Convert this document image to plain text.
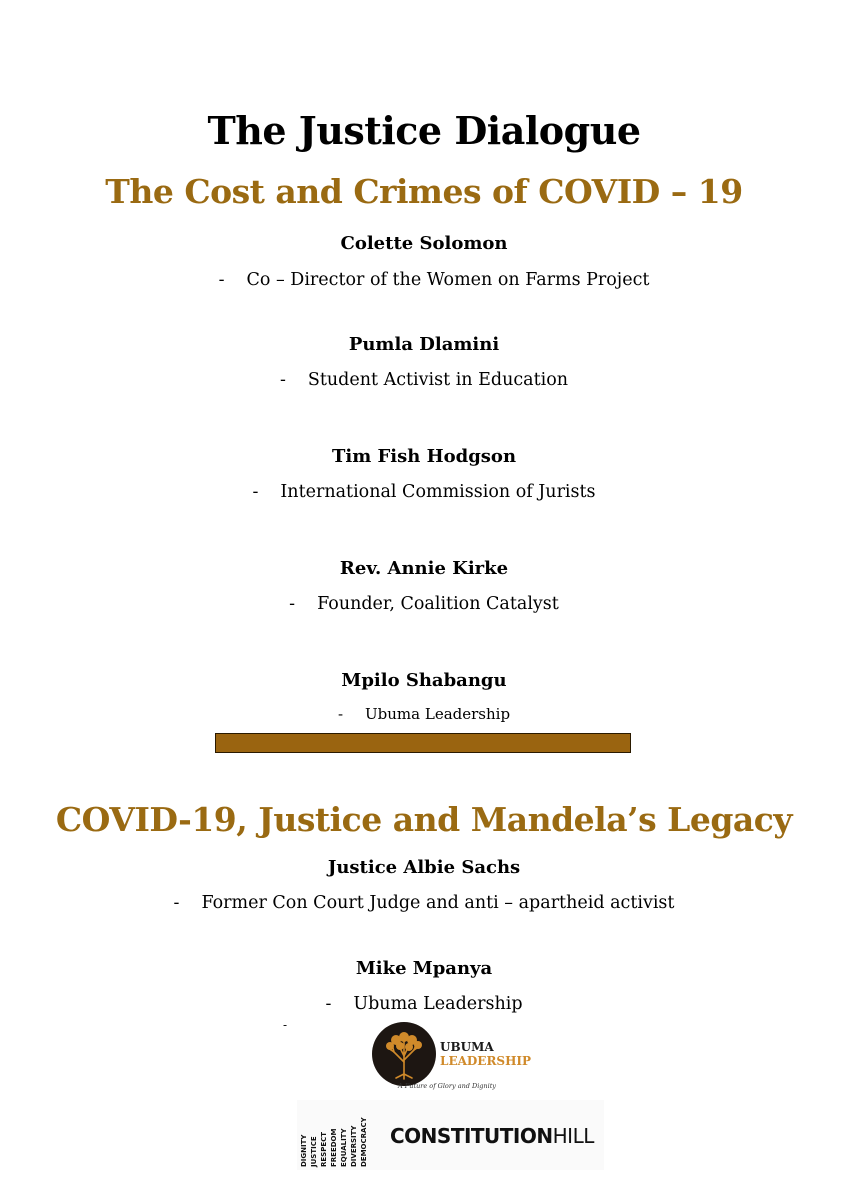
The Justice Dialogue
The Cost and Crimes of COVID – 19
Colette Solomon
- Co – Director of the Women on Farms Project
Pumla Dlamini
- Student Activist in Education
Tim Fish Hodgson
- International Commission of Jurists
Rev. Annie Kirke
- Founder, Coalition Catalyst
Mpilo Shabangu
- Ubuma Leadership
COVID-19, Justice and Mandela’s Legacy
Justice Albie Sachs
- Former Con Court Judge and anti – apartheid activist
Mike Mpanya
- Ubuma Leadership
-
UBUMA
LEADERSHIP
A Future of Glory and Dignity
DIGNITY JUSTICE RESPECT FREEDOM EQUALITY DIVERSITY DEMOCRACY CONSTITUTIONHILL
